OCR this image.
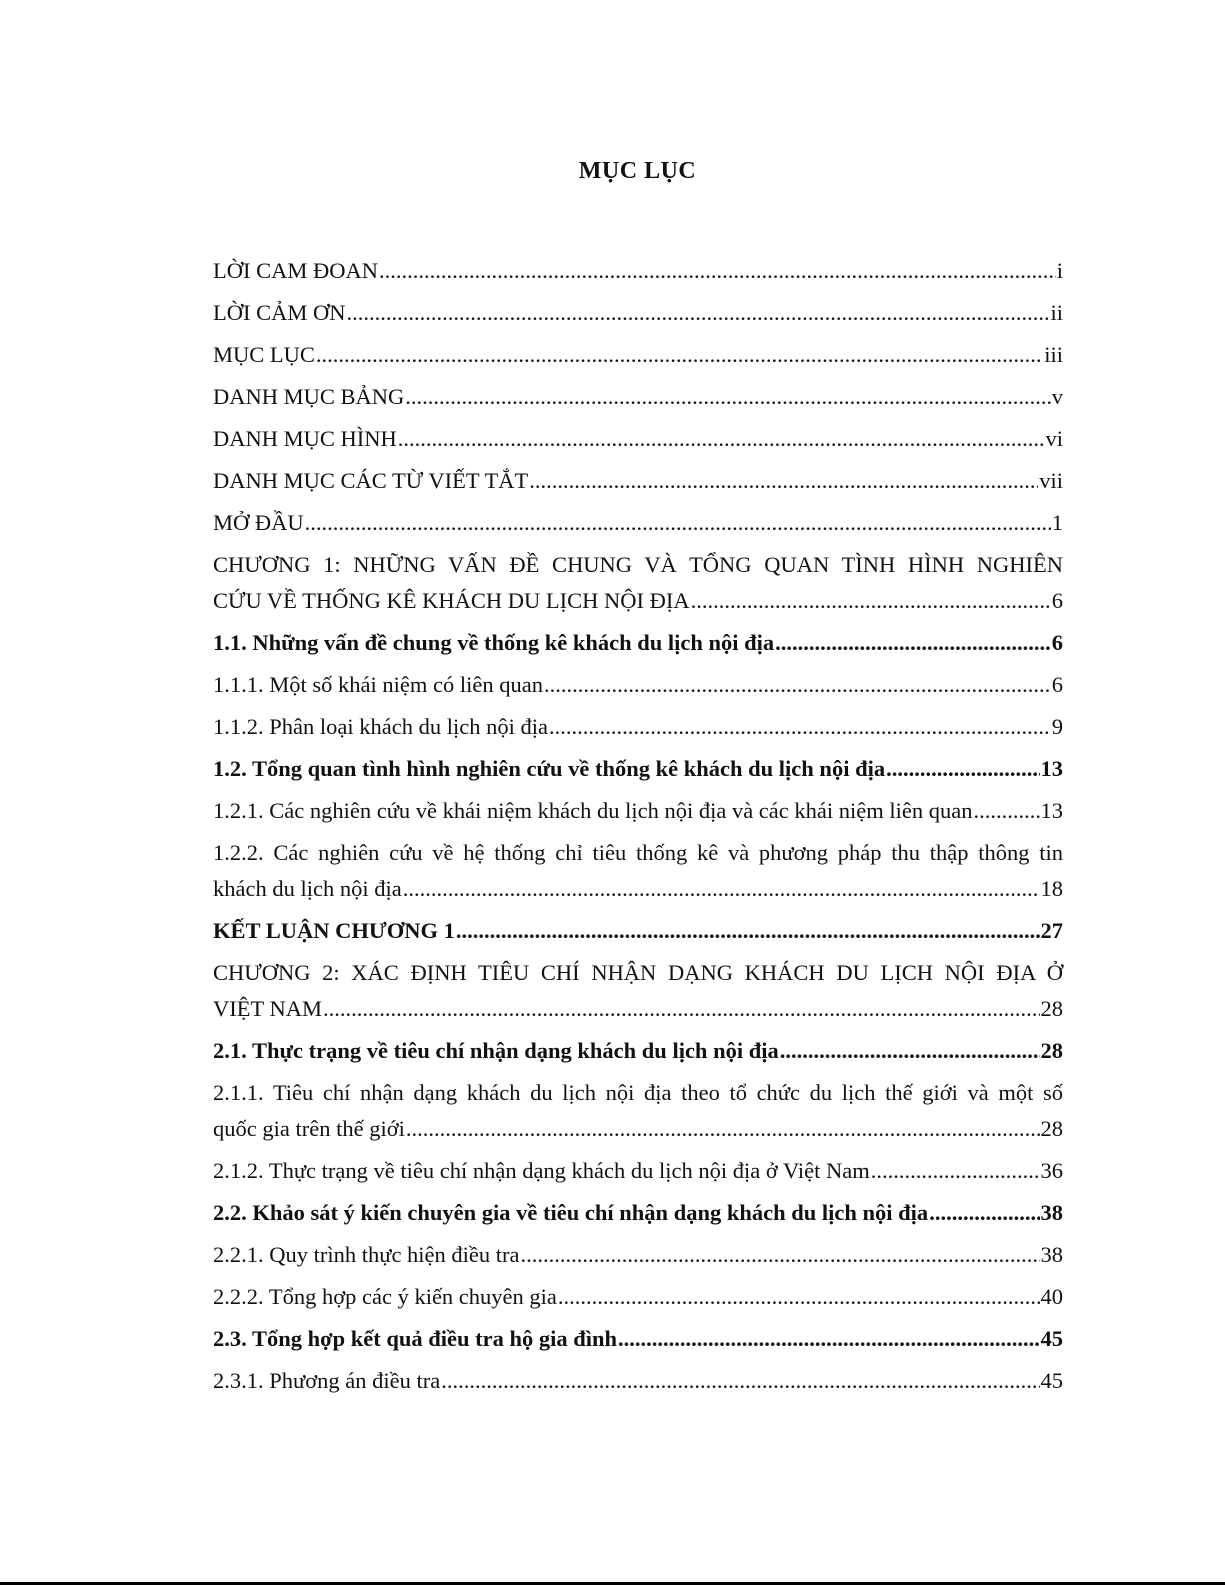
MỤC LỤC
LỜI CAM ĐOAN .....	i
LỜI CẢM ƠN .....	ii
MỤC LỤC .....	iii
DANH MỤC BẢNG .....	v
DANH MỤC HÌNH .....	vi
DANH MỤC CÁC TỪ VIẾT TẮT .....	vii
MỞ ĐẦU .....	1
CHƯƠNG 1: NHỮNG VẤN ĐỀ CHUNG VÀ TỔNG QUAN TÌNH HÌNH NGHIÊN
CỨU VỀ THỐNG KÊ KHÁCH DU LỊCH NỘI ĐỊA .....	6
1.1. Những vấn đề chung về thống kê khách du lịch nội địa .....	6
1.1.1. Một số khái niệm có liên quan .....	6
1.1.2. Phân loại khách du lịch nội địa .....	9
1.2. Tổng quan tình hình nghiên cứu về thống kê khách du lịch nội địa .....	13
1.2.1. Các nghiên cứu về khái niệm khách du lịch nội địa và các khái niệm liên quan .....	13
1.2.2. Các nghiên cứu về hệ thống chỉ tiêu thống kê và phương pháp thu thập thông tin
khách du lịch nội địa .....	18
KẾT LUẬN CHƯƠNG 1 .....	27
CHƯƠNG 2: XÁC ĐỊNH TIÊU CHÍ NHẬN DẠNG KHÁCH DU LỊCH NỘI ĐỊA Ở
VIỆT NAM .....	28
2.1. Thực trạng về tiêu chí nhận dạng khách du lịch nội địa .....	28
2.1.1. Tiêu chí nhận dạng khách du lịch nội địa theo tổ chức du lịch thế giới và một số
quốc gia trên thế giới .....	28
2.1.2. Thực trạng về tiêu chí nhận dạng khách du lịch nội địa ở Việt Nam .....	36
2.2. Khảo sát ý kiến chuyên gia về tiêu chí nhận dạng khách du lịch nội địa .....	38
2.2.1. Quy trình thực hiện điều tra .....	38
2.2.2. Tổng hợp các ý kiến chuyên gia .....	40
2.3. Tổng hợp kết quả điều tra hộ gia đình .....	45
2.3.1. Phương án điều tra .....	45
